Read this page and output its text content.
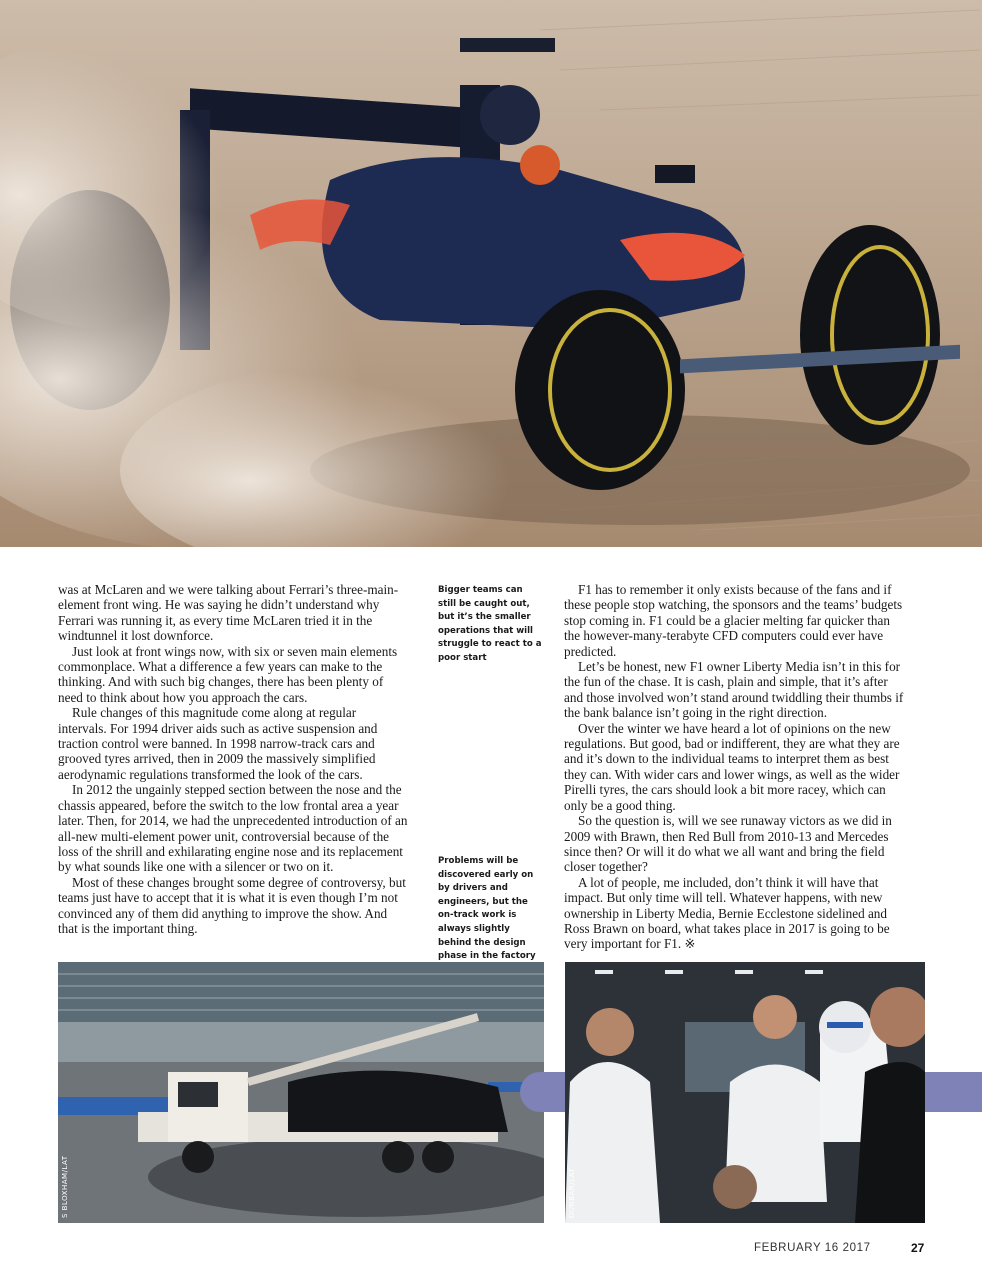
was at McLaren and we were talking about Ferrari’s three-main-element front wing. He was saying he didn’t understand why Ferrari was running it, as every time McLaren tried it in the windtunnel it lost downforce.

Just look at front wings now, with six or seven main elements commonplace. What a difference a few years can make to the thinking. And with such big changes, there has been plenty of need to think about how you approach the cars.

Rule changes of this magnitude come along at regular intervals. For 1994 driver aids such as active suspension and traction control were banned. In 1998 narrow-track cars and grooved tyres arrived, then in 2009 the massively simplified aerodynamic regulations transformed the look of the cars.

In 2012 the ungainly stepped section between the nose and the chassis appeared, before the switch to the low frontal area a year later. Then, for 2014, we had the unprecedented introduction of an all-new multi-element power unit, controversial because of the loss of the shrill and exhilarating engine nose and its replacement by what sounds like one with a silencer or two on it.

Most of these changes brought some degree of controversy, but teams just have to accept that it is what it is even though I’m not convinced any of them did anything to improve the show. And that is the important thing.

Bigger teams can still be caught out, but it’s the smaller operations that will struggle to react to a poor start
Problems will be discovered early on by drivers and engineers, but the on-track work is always slightly behind the design phase in the factory

F1 has to remember it only exists because of the fans and if these people stop watching, the sponsors and the teams’ budgets stop coming in. F1 could be a glacier melting far quicker than the however-many-terabyte CFD computers could ever have predicted.

Let’s be honest, new F1 owner Liberty Media isn’t in this for the fun of the chase. It is cash, plain and simple, that it’s after and those involved won’t stand around twiddling their thumbs if the bank balance isn’t going in the right direction.

Over the winter we have heard a lot of opinions on the new regulations. But good, bad or indifferent, they are what they are and it’s down to the individual teams to interpret them as best they can. With wider cars and lower wings, as well as the wider Pirelli tyres, the cars should look a bit more racey, which can only be a good thing.

So the question is, will we see runaway victors as we did in 2009 with Brawn, then Red Bull from 2010-13 and Mercedes since then? Or will it do what we all want and bring the field closer together?

A lot of people, me included, don’t think it will have that impact. But only time will tell. Whatever happens, with new ownership in Liberty Media, Bernie Ecclestone sidelined and Ross Brawn on board, what takes place in 2017 is going to be very important for F1. ※

S BLOXHAM/LAT	DUNBAR/LAT
FEBRUARY 16 2017	27
